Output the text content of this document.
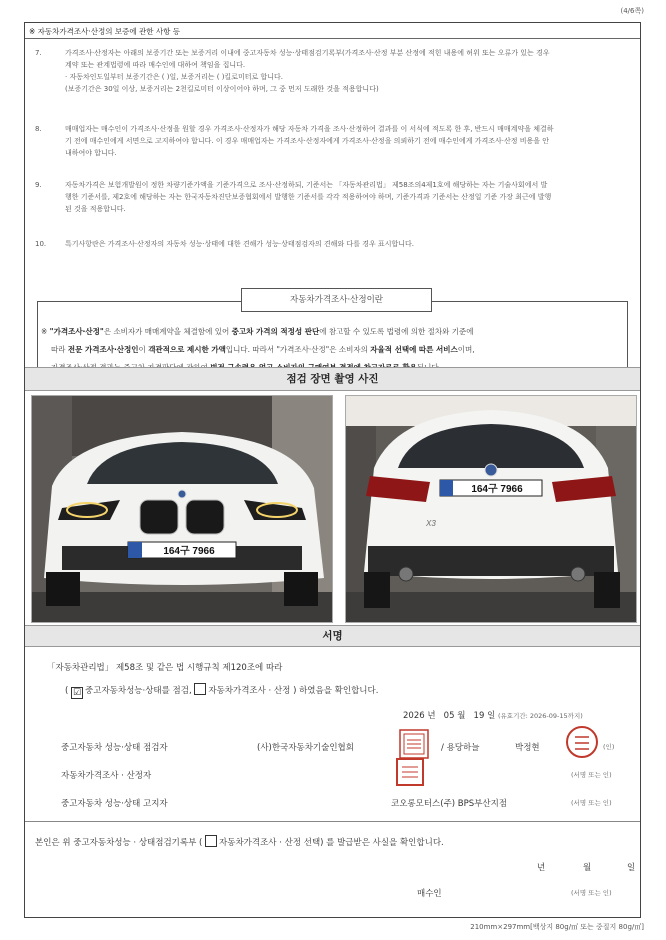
(4/6쪽)
※ 자동차가격조사·산정의 보증에 관한 사항 등
7.	가격조사·산정자는 아래의 보증기간 또는 보증거리 이내에 중고자동차 성능·상태점검기록부(가격조사·산정 부분 산정에 적힌 내용에 허위 또는 오류가 있는 경우
계약 또는 관계법령에 따라 매수인에 대하여 책임을 집니다.
· 자동차인도일부터 보증기간은 ( )일, 보증거리는 ( )킬로미터로 합니다.
(보증기간은 30일 이상, 보증거리는 2천킬로미터 이상이어야 하며, 그 중 먼저 도래한 것을 적용합니다)
8.	매매업자는 매수인이 가격조사·산정을 원할 경우 가격조사·산정자가 해당 자동차 가격을 조사·산정하여 결과를 이 서식에 적도록 한 후, 반드시 매매계약을 체결하
기 전에 매수인에게 서면으로 고지하여야 합니다. 이 경우 매매업자는 가격조사·산정자에게 가격조사·산정을 의뢰하기 전에 매수인에게 가격조사·산정 비용을 안
내하여야 합니다.
9.	자동차가격은 보험개발원이 정한 차량기준가액을 기준가격으로 조사·산정하되, 기준서는 「자동차관리법」 제58조의4제1호에 해당하는 자는 기술사회에서 발
행한 기준서를, 제2호에 해당하는 자는 한국자동차진단보증협회에서 발행한 기준서를 각각 적용하여야 하며, 기준가격과 기준서는 산정일 기준 가장 최근에 발행
된 것을 적용합니다.
10.	특기사항란은 가격조사·산정자의 자동차 성능·상태에 대한 견해가 성능·상태점검자의 견해와 다를 경우 표시합니다.
자동차가격조사·산정이란
※ "가격조사·산정"은 소비자가 매매계약을 체결함에 있어 중고차 가격의 적정성 판단에 참고할 수 있도록 법령에 의한 절차와 기준에
따라 전문 가격조사·산정인이 객관적으로 제시한 가액입니다. 따라서 "가격조사·산정"은 소비자의 자율적 선택에 따른 서비스이며,
점검 장면 촬영 사진
164구 7966
164구 7966
X3
서명
「자동차관리법」 제58조 및 같은 법 시행규칙 제120조에 따라
( ☑ 중고자동차성능·상태를 점검, 자동차가격조사 · 산정 ) 하였음을 확인합니다.
2026 년 05 월 19 일 (유효기간: 2026-09-15까지)
중고자동차 성능·상태 점검자	(사)한국자동차기술인협회	/ 용당하늘	박정현	(인)
자동차가격조사 · 산정자	(서명 또는 인)
중고자동차 성능·상태 고지자	코오롱모터스(주) BPS부산지점	(서명 또는 인)
본인은 위 중고자동차성능 · 상태점검기록부 ( 자동차가격조사 · 산정 선택) 를 발급받은 사실을 확인합니다.
년	월	일
매수인	(서명 또는 인)
210mm×297mm[백상지 80g/㎡ 또는 중질지 80g/㎡]
